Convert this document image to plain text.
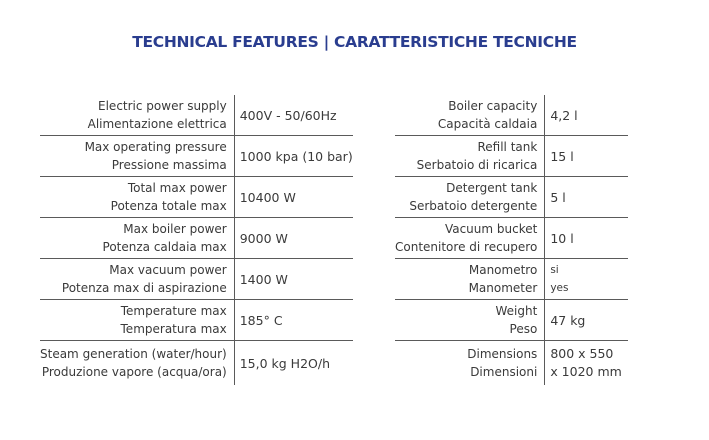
TECHNICAL FEATURES | CARATTERISTICHE TECNICHE
Electric power supply
Alimentazione elettrica	400V - 50/60Hz

Max operating pressure
Pressione massima	1000 kpa (10 bar)

Total max power
Potenza totale max	10400 W

Max boiler power
Potenza caldaia max	9000 W

Max vacuum power
Potenza max di aspirazione	1400 W

Temperature max
Temperatura max	185° C

Steam generation (water/hour)
Produzione vapore (acqua/ora)	15,0 kg H2O/h
Boiler capacity
Capacità caldaia	4,2 l

Refill tank
Serbatoio di ricarica	15 l

Detergent tank
Serbatoio detergente	5 l

Vacuum bucket
Contenitore di recupero	10 l

Manometro
Manometer	si
yes

Weight
Peso	47 kg

Dimensions
Dimensioni	800 x 550
x 1020 mm
